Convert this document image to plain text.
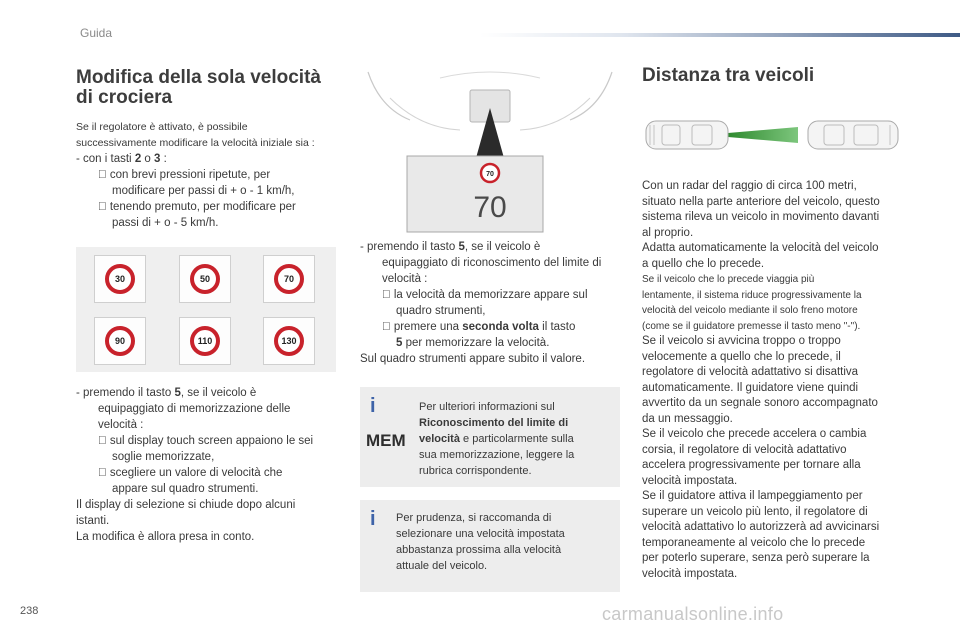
Guida
Modifica della sola velocità
di crociera
Se il regolatore è attivato, è possibile
successivamente modificare la velocità iniziale sia :
- con i tasti 2 o 3 :
con brevi pressioni ripetute, per
modificare per passi di + o - 1 km/h,
tenendo premuto, per modificare per
passi di + o - 5 km/h.
30	50	70
90	110	130
- premendo il tasto 5, se il veicolo è
equipaggiato di memorizzazione delle
velocità :
sul display touch screen appaiono le sei
soglie memorizzate,
scegliere un valore di velocità che
appare sul quadro strumenti.
Il display di selezione si chiude dopo alcuni
istanti.
La modifica è allora presa in conto.
70
70
- premendo il tasto 5, se il veicolo è
equipaggiato di riconoscimento del limite di
velocità :
la velocità da memorizzare appare sul
quadro strumenti,
premere una seconda volta il tasto
5 per memorizzare la velocità.
Sul quadro strumenti appare subito il valore.
i
MEM
Per ulteriori informazioni sul
Riconoscimento del limite di
velocità e particolarmente sulla
sua memorizzazione, leggere la
rubrica corrispondente.
i Per prudenza, si raccomanda di
selezionare una velocità impostata
abbastanza prossima alla velocità
attuale del veicolo.
Distanza tra veicoli
Con un radar del raggio di circa 100 metri,
situato nella parte anteriore del veicolo, questo
sistema rileva un veicolo in movimento davanti
al proprio.
Adatta automaticamente la velocità del veicolo
a quello che lo precede.
Se il veicolo che lo precede viaggia più
lentamente, il sistema riduce progressivamente la
velocità del veicolo mediante il solo freno motore
(come se il guidatore premesse il tasto meno "-").
Se il veicolo si avvicina troppo o troppo
velocemente a quello che lo precede, il
regolatore di velocità adattativo si disattiva
automaticamente. Il guidatore viene quindi
avvertito da un segnale sonoro accompagnato
da un messaggio.
Se il veicolo che precede accelera o cambia
corsia, il regolatore di velocità adattativo
accelera progressivamente per tornare alla
velocità impostata.
Se il guidatore attiva il lampeggiamento per
superare un veicolo più lento, il regolatore di
velocità adattativo lo autorizzerà ad avvicinarsi
temporaneamente al veicolo che lo precede
per poterlo superare, senza però superare la
velocità impostata.
238	carmanualsonline.info
